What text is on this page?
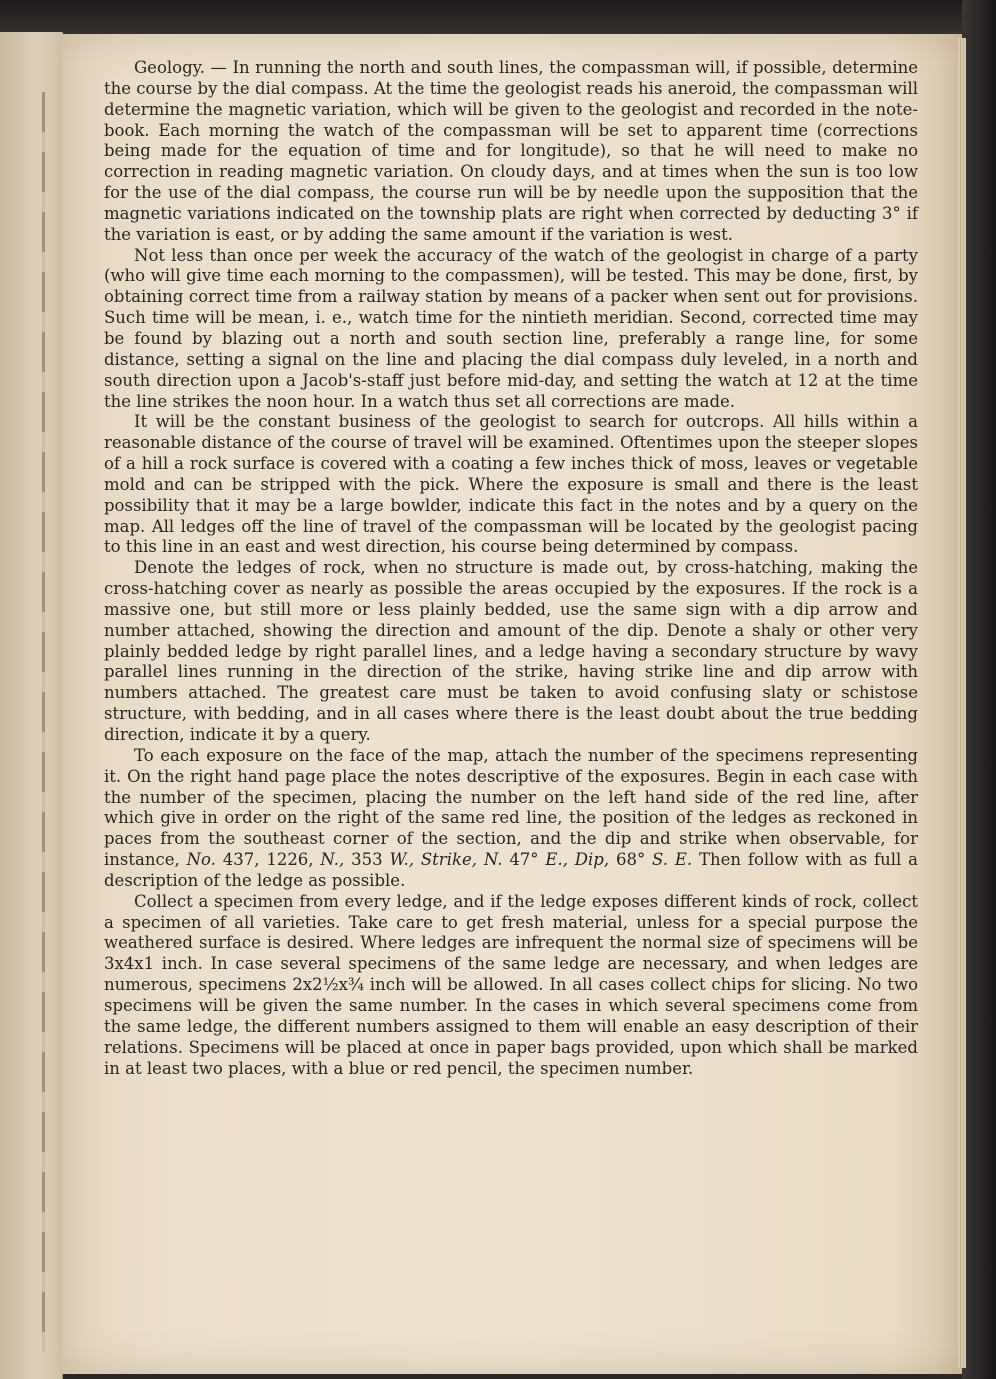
Geology. — In running the north and south lines, the compassman will, if possible, determine the course by the dial compass. At the time the geologist reads his aneroid, the compassman will determine the magnetic variation, which will be given to the geologist and recorded in the note-book. Each morning the watch of the compassman will be set to apparent time (corrections being made for the equation of time and for longitude), so that he will need to make no correction in reading magnetic variation. On cloudy days, and at times when the sun is too low for the use of the dial compass, the course run will be by needle upon the supposition that the magnetic variations indicated on the township plats are right when corrected by deducting 3° if the variation is east, or by adding the same amount if the variation is west.

Not less than once per week the accuracy of the watch of the geologist in charge of a party (who will give time each morning to the compassmen), will be tested. This may be done, first, by obtaining correct time from a railway station by means of a packer when sent out for provisions. Such time will be mean, i. e., watch time for the nintieth meridian. Second, corrected time may be found by blazing out a north and south section line, preferably a range line, for some distance, setting a signal on the line and placing the dial compass duly leveled, in a north and south direction upon a Jacob's-staff just before mid-day, and setting the watch at 12 at the time the line strikes the noon hour. In a watch thus set all corrections are made.

It will be the constant business of the geologist to search for outcrops. All hills within a reasonable distance of the course of travel will be examined. Oftentimes upon the steeper slopes of a hill a rock surface is covered with a coating a few inches thick of moss, leaves or vegetable mold and can be stripped with the pick. Where the exposure is small and there is the least possibility that it may be a large bowlder, indicate this fact in the notes and by a query on the map. All ledges off the line of travel of the compassman will be located by the geologist pacing to this line in an east and west direction, his course being determined by compass.

Denote the ledges of rock, when no structure is made out, by cross-hatching, making the cross-hatching cover as nearly as possible the areas occupied by the exposures. If the rock is a massive one, but still more or less plainly bedded, use the same sign with a dip arrow and number attached, showing the direction and amount of the dip. Denote a shaly or other very plainly bedded ledge by right parallel lines, and a ledge having a secondary structure by wavy parallel lines running in the direction of the strike, having strike line and dip arrow with numbers attached. The greatest care must be taken to avoid confusing slaty or schistose structure, with bedding, and in all cases where there is the least doubt about the true bedding direction, indicate it by a query.

To each exposure on the face of the map, attach the number of the specimens representing it. On the right hand page place the notes descriptive of the exposures. Begin in each case with the number of the specimen, placing the number on the left hand side of the red line, after which give in order on the right of the same red line, the position of the ledges as reckoned in paces from the southeast corner of the section, and the dip and strike when observable, for instance, No. 437, 1226, N., 353 W., Strike, N. 47° E., Dip, 68° S. E. Then follow with as full a description of the ledge as possible.

Collect a specimen from every ledge, and if the ledge exposes different kinds of rock, collect a specimen of all varieties. Take care to get fresh material, unless for a special purpose the weathered surface is desired. Where ledges are infrequent the normal size of specimens will be 3x4x1 inch. In case several specimens of the same ledge are necessary, and when ledges are numerous, specimens 2x2½x¾ inch will be allowed. In all cases collect chips for slicing. No two specimens will be given the same number. In the cases in which several specimens come from the same ledge, the different numbers assigned to them will enable an easy description of their relations. Specimens will be placed at once in paper bags provided, upon which shall be marked in at least two places, with a blue or red pencil, the specimen number.
